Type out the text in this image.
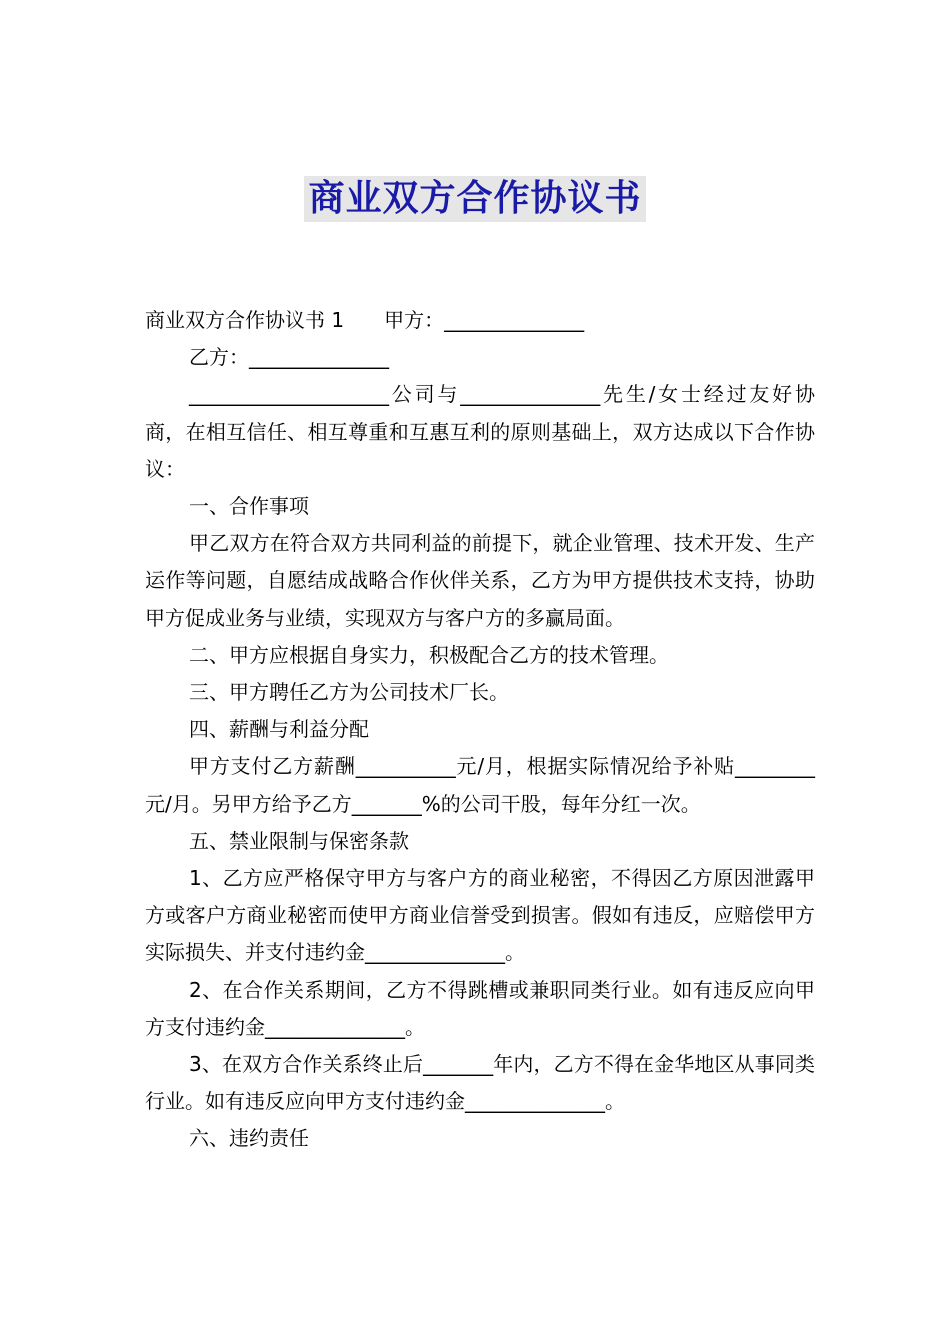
商业双方合作协议书

商业双方合作协议书 1　　甲方：______________

乙方：______________

____________________公司与______________先生/女士经过友好协商，在相互信任、相互尊重和互惠互利的原则基础上，双方达成以下合作协议：

一、合作事项

甲乙双方在符合双方共同利益的前提下，就企业管理、技术开发、生产运作等问题，自愿结成战略合作伙伴关系，乙方为甲方提供技术支持，协助甲方促成业务与业绩，实现双方与客户方的多赢局面。

二、甲方应根据自身实力，积极配合乙方的技术管理。

三、甲方聘任乙方为公司技术厂长。

四、薪酬与利益分配

甲方支付乙方薪酬__________元/月，根据实际情况给予补贴________元/月。另甲方给予乙方_______%的公司干股，每年分红一次。

五、禁业限制与保密条款

1、乙方应严格保守甲方与客户方的商业秘密，不得因乙方原因泄露甲方或客户方商业秘密而使甲方商业信誉受到损害。假如有违反，应赔偿甲方实际损失、并支付违约金______________。

2、在合作关系期间，乙方不得跳槽或兼职同类行业。如有违反应向甲方支付违约金______________。

3、在双方合作关系终止后_______年内，乙方不得在金华地区从事同类行业。如有违反应向甲方支付违约金______________。

六、违约责任
